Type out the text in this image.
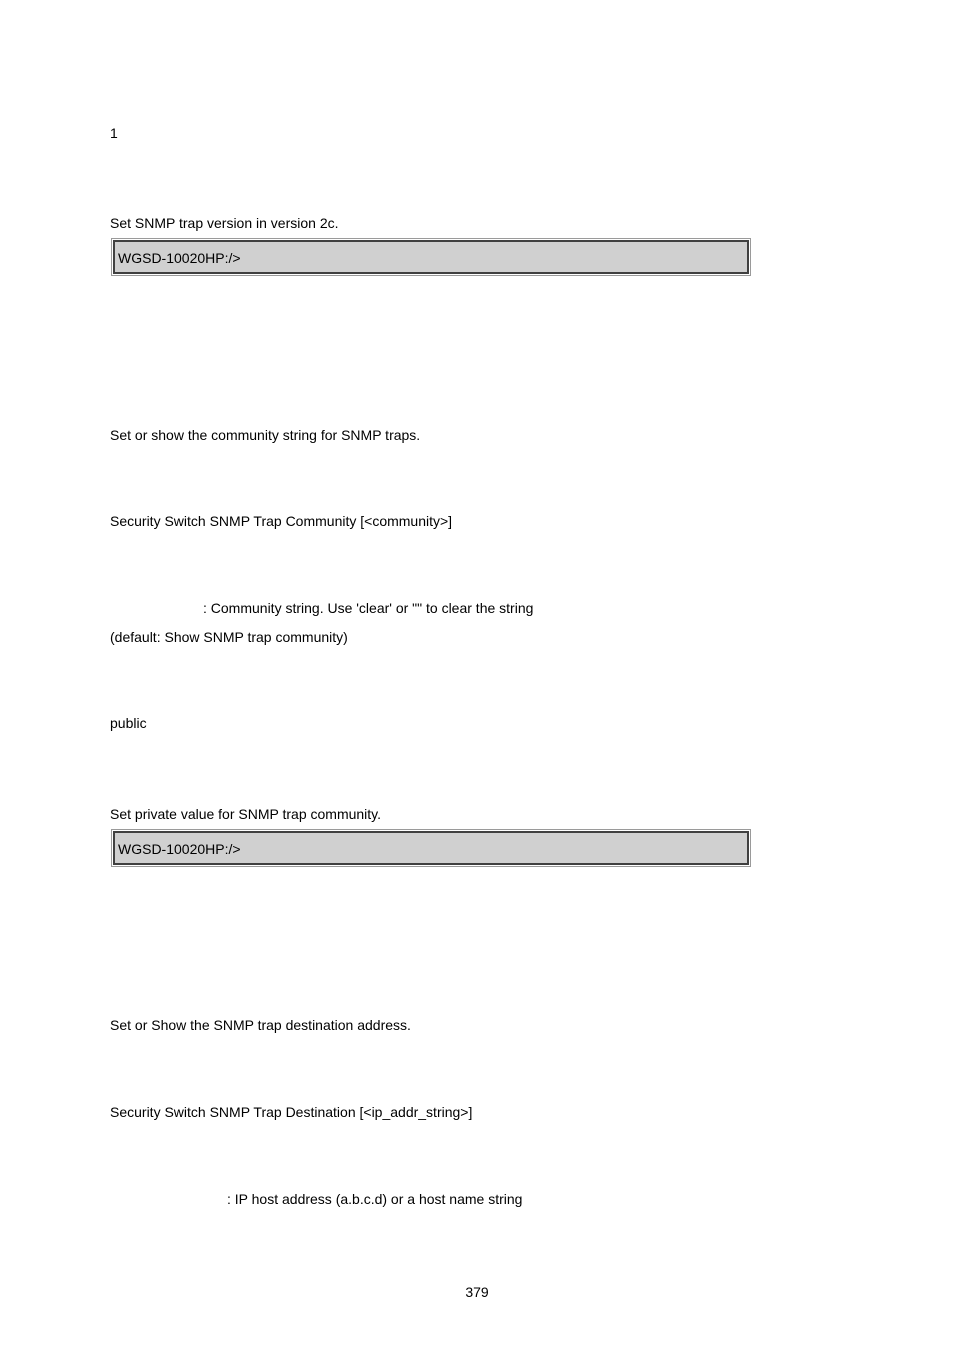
1
Set SNMP trap version in version 2c.
WGSD-10020HP:/>
Set or show the community string for SNMP traps.
Security Switch SNMP Trap Community [<community>]
: Community string. Use 'clear' or "" to clear the string
(default: Show SNMP trap community)
public
Set private value for SNMP trap community.
WGSD-10020HP:/>
Set or Show the SNMP trap destination address.
Security Switch SNMP Trap Destination [<ip_addr_string>]
: IP host address (a.b.c.d) or a host name string
379
